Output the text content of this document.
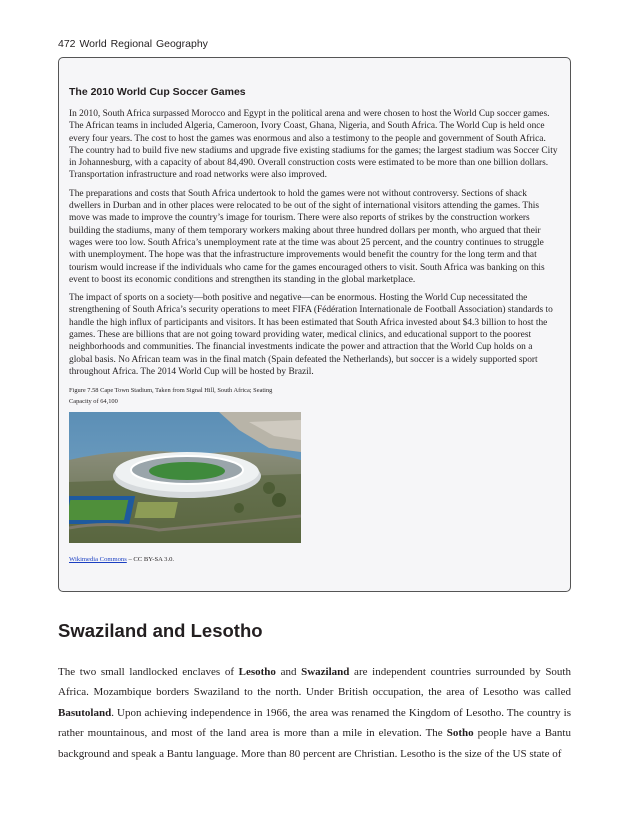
472 World Regional Geography
The 2010 World Cup Soccer Games

In 2010, South Africa surpassed Morocco and Egypt in the political arena and were chosen to host the World Cup soccer games. The African teams in included Algeria, Cameroon, Ivory Coast, Ghana, Nigeria, and South Africa. The World Cup is held once every four years. The cost to host the games was enormous and also a testimony to the people and government of South Africa. The country had to build five new stadiums and upgrade five existing stadiums for the games; the largest stadium was Soccer City in Johannesburg, with a capacity of about 84,490. Overall construction costs were estimated to be more than one billion dollars. Transportation infrastructure and road networks were also improved.

The preparations and costs that South Africa undertook to hold the games were not without controversy. Sections of shack dwellers in Durban and in other places were relocated to be out of the sight of international visitors attending the games. This move was made to improve the country’s image for tourism. There were also reports of strikes by the construction workers building the stadiums, many of them temporary workers making about three hundred dollars per month, who argued that their wages were too low. South Africa’s unemployment rate at the time was about 25 percent, and the country continues to struggle with unemployment. The hope was that the infrastructure improvements would benefit the country for the long term and that tourism would increase if the individuals who came for the games encouraged others to visit. South Africa was banking on this event to boost its economic conditions and strengthen its standing in the global marketplace.

The impact of sports on a society—both positive and negative—can be enormous. Hosting the World Cup necessitated the strengthening of South Africa’s security operations to meet FIFA (Fédération Internationale de Football Association) standards to handle the high influx of participants and visitors. It has been estimated that South Africa invested about $4.3 billion to host the games. These are billions that are not going toward providing water, medical clinics, and educational support to the poorest neighborhoods and communities. The financial investments indicate the power and attraction that the World Cup holds on a global basis. No African team was in the final match (Spain defeated the Netherlands), but soccer is a widely supported sport throughout Africa. The 2014 World Cup will be hosted by Brazil.

Figure 7.58 Cape Town Stadium, Taken from Signal Hill, South Africa; Seating Capacity of 64,100
Wikimedia Commons – CC BY-SA 3.0.
Swaziland and Lesotho

The two small landlocked enclaves of Lesotho and Swaziland are independent countries surrounded by South Africa. Mozambique borders Swaziland to the north. Under British occupation, the area of Lesotho was called Basutoland. Upon achieving independence in 1966, the area was renamed the Kingdom of Lesotho. The country is rather mountainous, and most of the land area is more than a mile in elevation. The Sotho people have a Bantu background and speak a Bantu language. More than 80 percent are Christian. Lesotho is the size of the US state of
